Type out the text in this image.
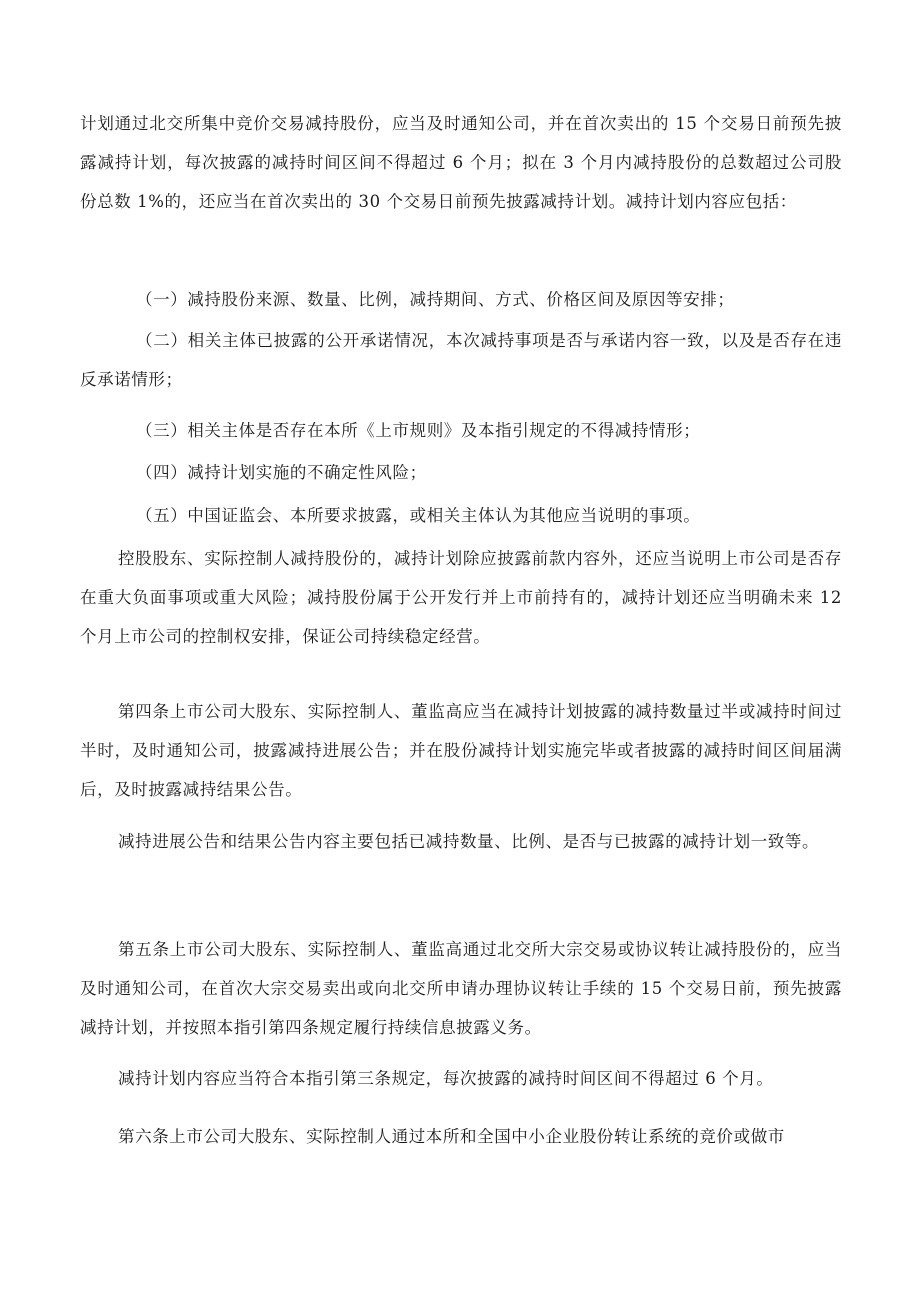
计划通过北交所集中竞价交易减持股份，应当及时通知公司，并在首次卖出的 15 个交易日前预先披露减持计划，每次披露的减持时间区间不得超过 6 个月；拟在 3 个月内减持股份的总数超过公司股份总数 1%的，还应当在首次卖出的 30 个交易日前预先披露减持计划。减持计划内容应包括：

（一）减持股份来源、数量、比例，减持期间、方式、价格区间及原因等安排；

（二）相关主体已披露的公开承诺情况，本次减持事项是否与承诺内容一致，以及是否存在违反承诺情形；

（三）相关主体是否存在本所《上市规则》及本指引规定的不得减持情形；

（四）减持计划实施的不确定性风险；

（五）中国证监会、本所要求披露，或相关主体认为其他应当说明的事项。

控股股东、实际控制人减持股份的，减持计划除应披露前款内容外，还应当说明上市公司是否存在重大负面事项或重大风险；减持股份属于公开发行并上市前持有的，减持计划还应当明确未来 12 个月上市公司的控制权安排，保证公司持续稳定经营。

第四条上市公司大股东、实际控制人、董监高应当在减持计划披露的减持数量过半或减持时间过半时，及时通知公司，披露减持进展公告；并在股份减持计划实施完毕或者披露的减持时间区间届满后，及时披露减持结果公告。

减持进展公告和结果公告内容主要包括已减持数量、比例、是否与已披露的减持计划一致等。

第五条上市公司大股东、实际控制人、董监高通过北交所大宗交易或协议转让减持股份的，应当及时通知公司，在首次大宗交易卖出或向北交所申请办理协议转让手续的 15 个交易日前，预先披露减持计划，并按照本指引第四条规定履行持续信息披露义务。

减持计划内容应当符合本指引第三条规定，每次披露的减持时间区间不得超过 6 个月。

第六条上市公司大股东、实际控制人通过本所和全国中小企业股份转让系统的竞价或做市
